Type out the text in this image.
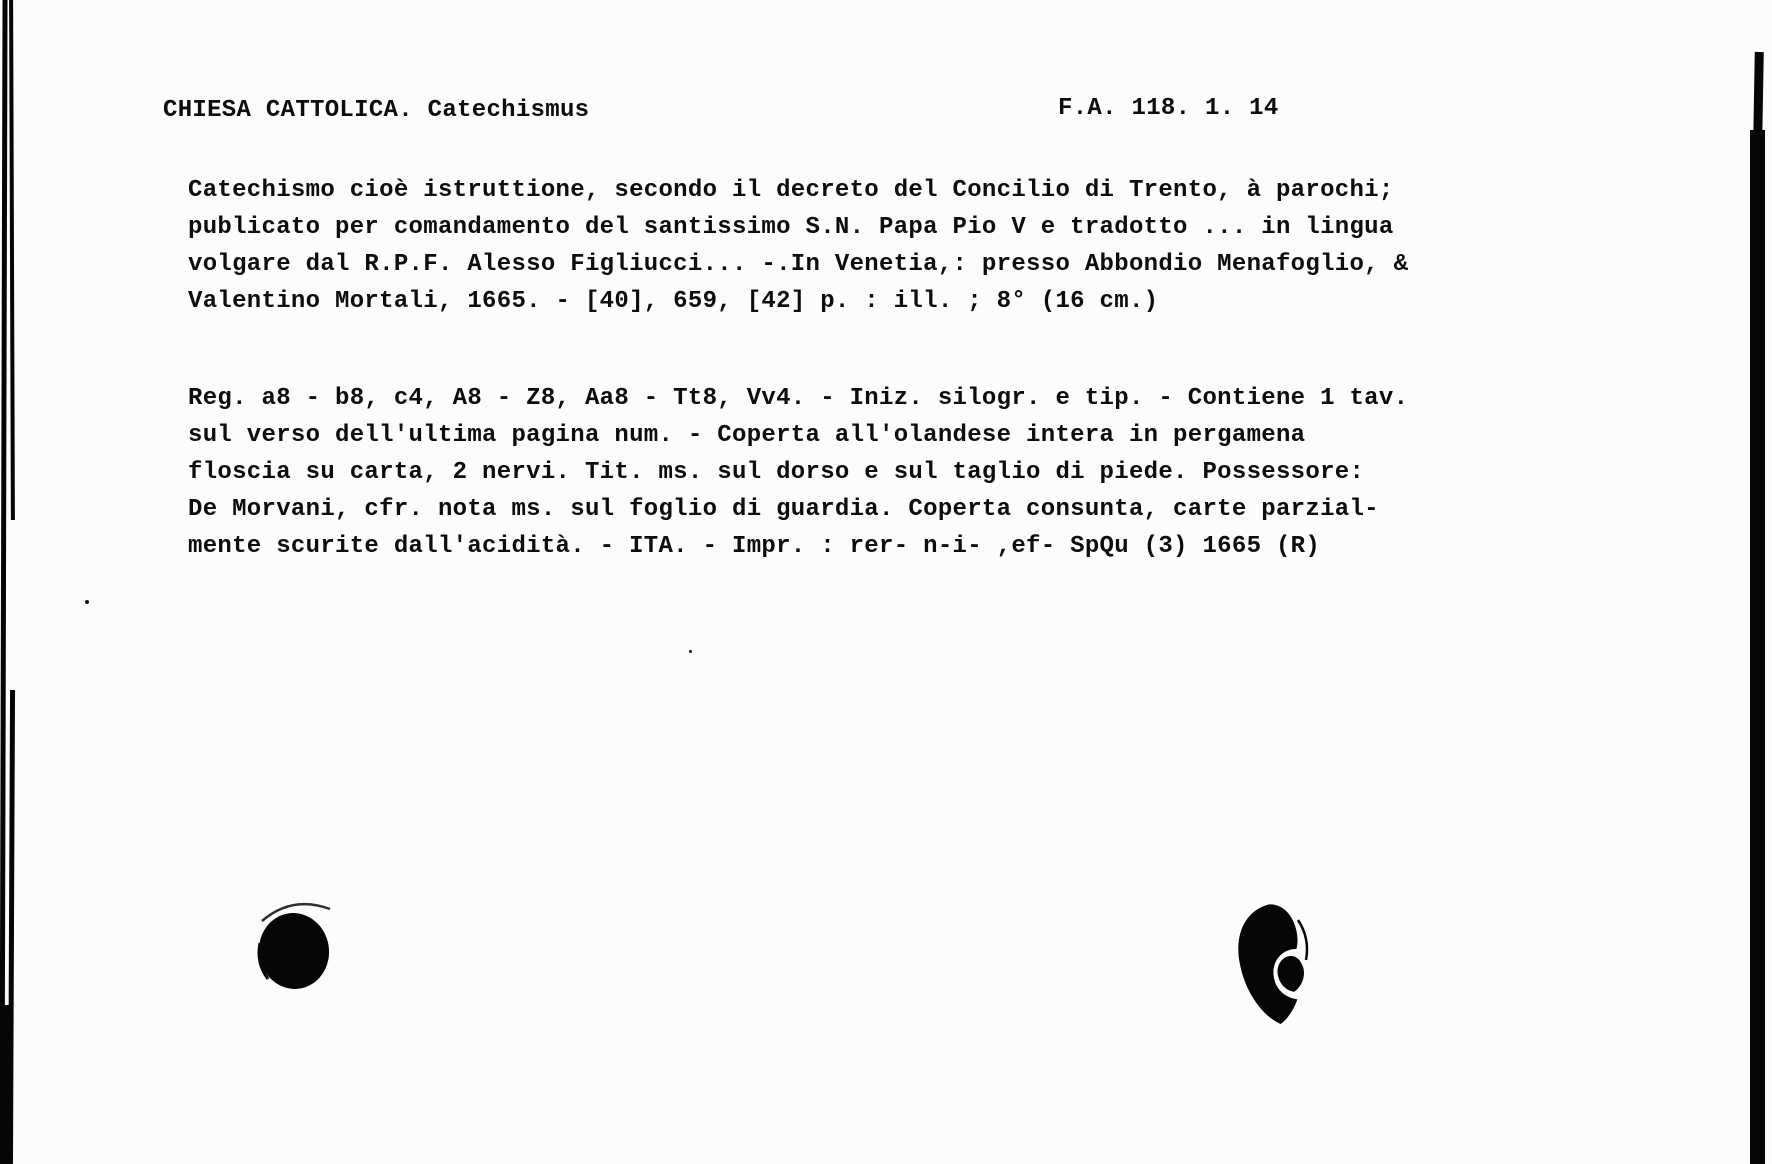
CHIESA CATTOLICA. Catechismus	F.A. 118. 1. 14
Catechismo cioè istruttione, secondo il decreto del Concilio di Trento, à parochi;
publicato per comandamento del santissimo S.N. Papa Pio V e tradotto ... in lingua
volgare dal R.P.F. Alesso Figliucci... -.In Venetia,: presso Abbondio Menafoglio, &
Valentino Mortali, 1665. - [40], 659, [42] p. : ill. ; 8° (16 cm.)
Reg. a8 - b8, c4, A8 - Z8, Aa8 - Tt8, Vv4. - Iniz. silogr. e tip. - Contiene 1 tav.
sul verso dell'ultima pagina num. - Coperta all'olandese intera in pergamena
floscia su carta, 2 nervi. Tit. ms. sul dorso e sul taglio di piede. Possessore:
De Morvani, cfr. nota ms. sul foglio di guardia. Coperta consunta, carte parzial-
mente scurite dall'acidità. - ITA. - Impr. : rer- n-i- ,ef- SpQu (3) 1665 (R)
